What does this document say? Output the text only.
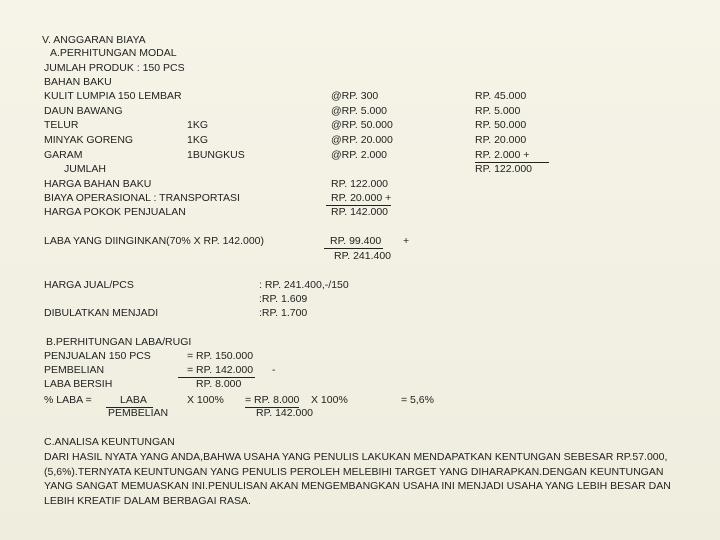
V. ANGGARAN BIAYA
A.PERHITUNGAN MODAL
JUMLAH PRODUK : 150 PCS
BAHAN BAKU
KULIT LUMPIA 150 LEMBAR	@RP. 300	RP. 45.000
DAUN BAWANG	@RP. 5.000	RP. 5.000
TELUR	1KG	@RP. 50.000	RP. 50.000
MINYAK GORENG	1KG	@RP. 20.000	RP. 20.000
GARAM	1BUNGKUS	@RP. 2.000	RP. 2.000 +
JUMLAH	RP. 122.000
HARGA BAHAN BAKU	RP. 122.000
BIAYA OPERASIONAL : TRANSPORTASI	RP. 20.000 +
HARGA POKOK PENJUALAN	RP. 142.000
LABA YANG DIINGINKAN(70% X RP. 142.000)	RP. 99.400 +
RP. 241.400
HARGA JUAL/PCS	: RP. 241.400,-/150
:RP. 1.609
DIBULATKAN MENJADI	:RP. 1.700
B.PERHITUNGAN LABA/RUGI
PENJUALAN 150 PCS	= RP. 150.000
PEMBELIAN	= RP. 142.000 -
LABA BERSIH	RP. 8.000
% LABA =	LABA
PEMBELIAN
X 100% = RP. 8.000 X 100%
RP. 142.000
= 5,6%
C.ANALISA KEUNTUNGAN
DARI HASIL NYATA YANG ANDA,BAHWA USAHA YANG PENULIS LAKUKAN MENDAPATKAN KENTUNGAN SEBESAR RP.57.000,(5,6%).TERNYATA KEUNTUNGAN YANG PENULIS PEROLEH MELEBIHI TARGET YANG DIHARAPKAN.DENGAN KEUNTUNGAN YANG SANGAT MEMUASKAN INI.PENULISAN AKAN MENGEMBANGKAN USAHA INI MENJADI USAHA YANG LEBIH BESAR DAN LEBIH KREATIF DALAM BERBAGAI RASA.
